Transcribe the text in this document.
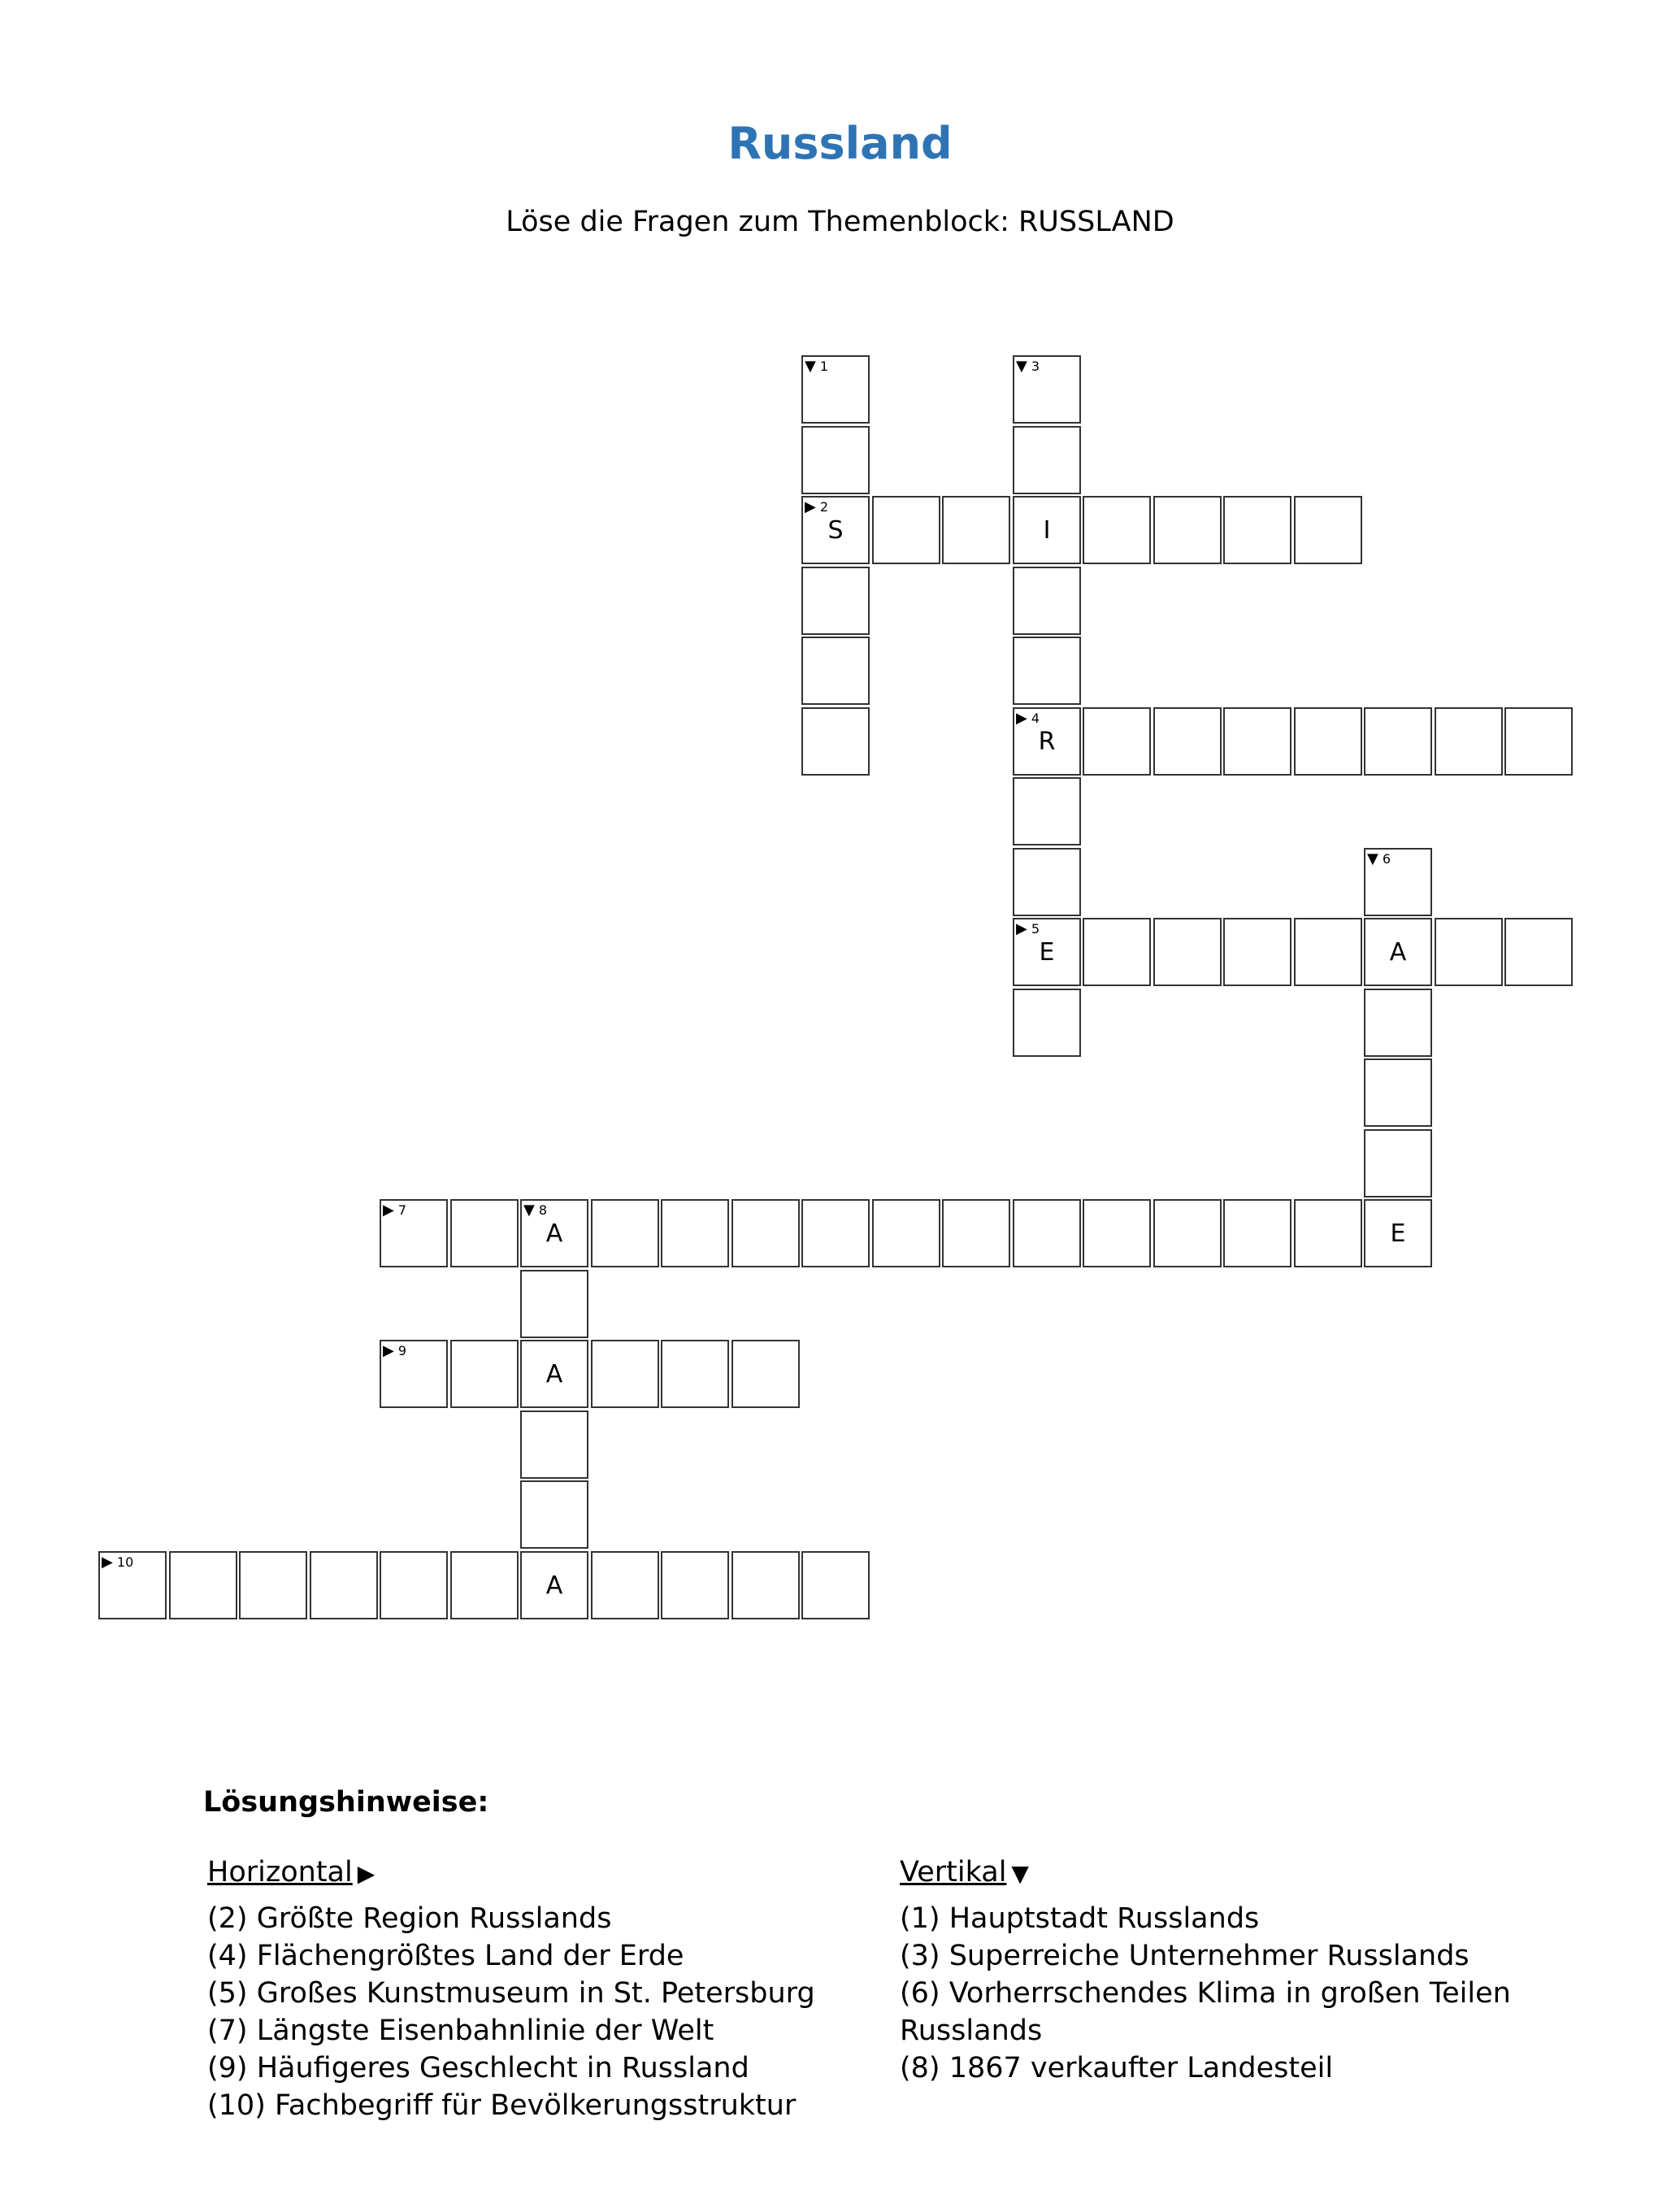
Russland
Löse die Fragen zum Themenblock: RUSSLAND
▼ 1
▶ 2
S
▼ 3
I
▶ 4
R
▶ 5
E
▼ 6
A
E
▶ 7	▼ 8
A
A
A
▶ 9
▶ 10
Lösungshinweise:
Horizontal ▶	Vertikal ▼
(2) Größte Region Russlands
(4) Flächengrößtes Land der Erde
(5) Großes Kunstmuseum in St. Petersburg
(7) Längste Eisenbahnlinie der Welt
(9) Häufigeres Geschlecht in Russland
(10) Fachbegriff für Bevölkerungsstruktur
(1) Hauptstadt Russlands
(3) Superreiche Unternehmer Russlands
(6) Vorherrschendes Klima in großen Teilen
Russlands
(8) 1867 verkaufter Landesteil
